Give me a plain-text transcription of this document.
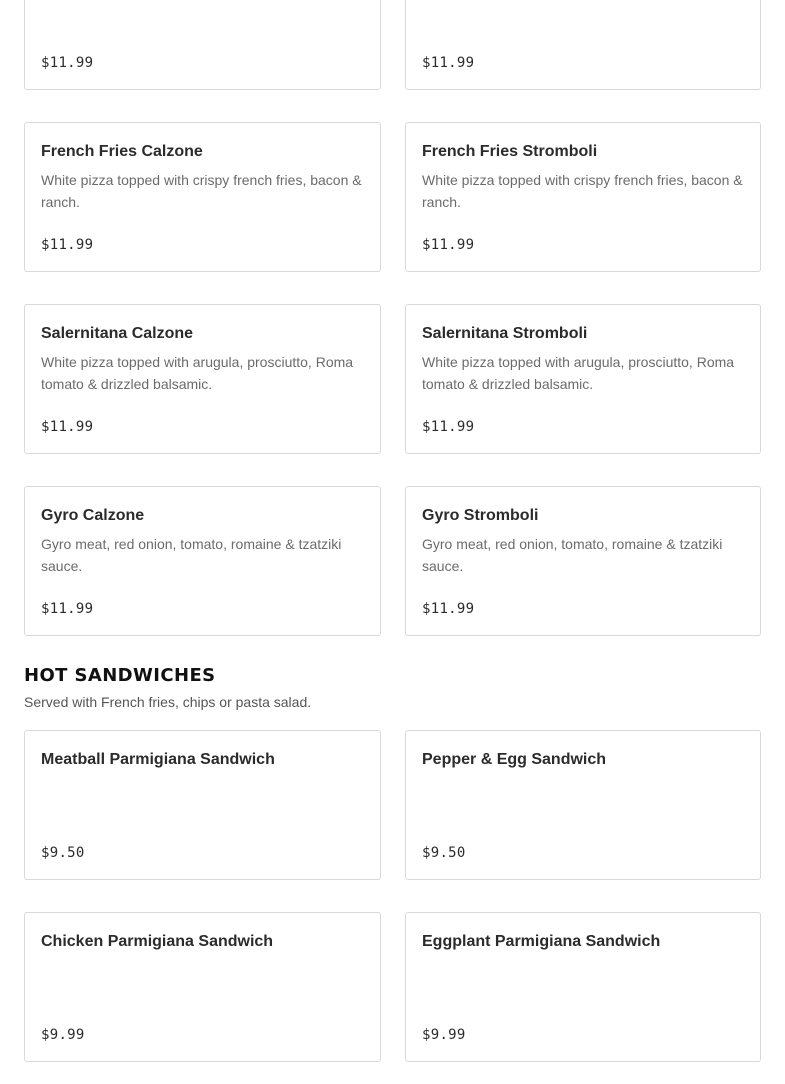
$11.99	$11.99
French Fries Calzone
White pizza topped with crispy french fries, bacon & ranch.
$11.99
French Fries Stromboli
White pizza topped with crispy french fries, bacon & ranch.
$11.99
Salernitana Calzone
White pizza topped with arugula, prosciutto, Roma tomato & drizzled balsamic.
$11.99
Salernitana Stromboli
White pizza topped with arugula, prosciutto, Roma tomato & drizzled balsamic.
$11.99
Gyro Calzone
Gyro meat, red onion, tomato, romaine & tzatziki sauce.
$11.99
Gyro Stromboli
Gyro meat, red onion, tomato, romaine & tzatziki sauce.
$11.99
HOT SANDWICHES
Served with French fries, chips or pasta salad.
Meatball Parmigiana Sandwich
$9.50
Pepper & Egg Sandwich
$9.50
Chicken Parmigiana Sandwich
$9.99
Eggplant Parmigiana Sandwich
$9.99
